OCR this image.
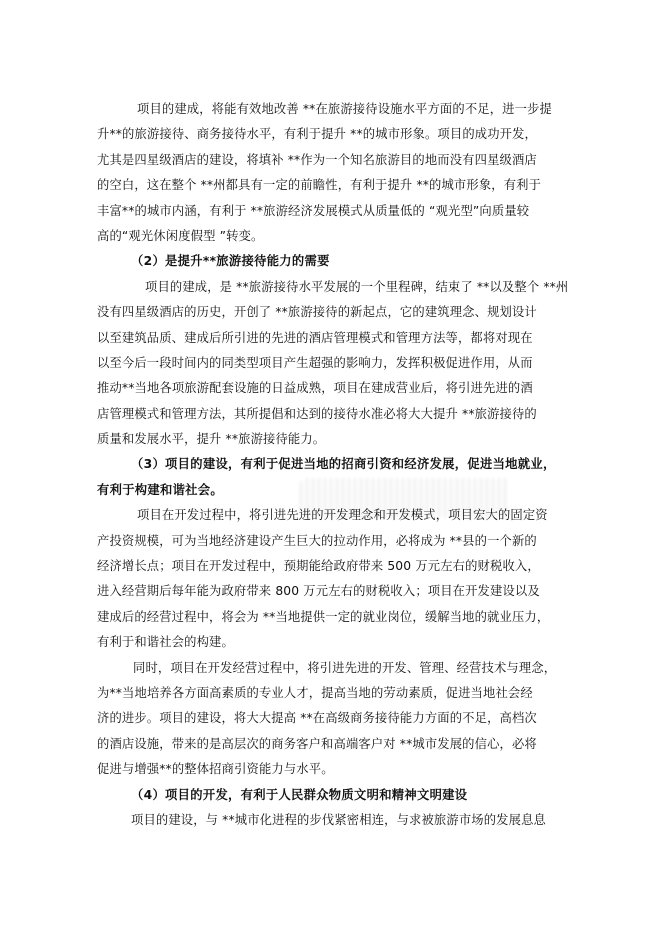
项目的建成，将能有效地改善 **在旅游接待设施水平方面的不足，进一步提
升**的旅游接待、商务接待水平，有利于提升 **的城市形象。项目的成功开发，
尤其是四星级酒店的建设，将填补 **作为一个知名旅游目的地而没有四星级酒店
的空白，这在整个 **州都具有一定的前瞻性，有利于提升 **的城市形象，有利于
丰富**的城市内涵，有利于 **旅游经济发展模式从质量低的 “观光型”向质量较
高的“观光休闲度假型 ”转变。
（2）是提升**旅游接待能力的需要
项目的建成，是 **旅游接待水平发展的一个里程碑，结束了 **以及整个 **州
没有四星级酒店的历史，开创了 **旅游接待的新起点，它的建筑理念、规划设计
以至建筑品质、建成后所引进的先进的酒店管理模式和管理方法等，都将对现在
以至今后一段时间内的同类型项目产生超强的影响力，发挥积极促进作用，从而
推动**当地各项旅游配套设施的日益成熟，项目在建成营业后，将引进先进的酒
店管理模式和管理方法，其所提倡和达到的接待水准必将大大提升 **旅游接待的
质量和发展水平，提升 **旅游接待能力。
（3）项目的建设，有利于促进当地的招商引资和经济发展，促进当地就业，
有利于构建和谐社会。
项目在开发过程中，将引进先进的开发理念和开发模式，项目宏大的固定资
产投资规模，可为当地经济建设产生巨大的拉动作用，必将成为 **县的一个新的
经济增长点；项目在开发过程中，预期能给政府带来 500 万元左右的财税收入，
进入经营期后每年能为政府带来 800 万元左右的财税收入；项目在开发建设以及
建成后的经营过程中，将会为 **当地提供一定的就业岗位，缓解当地的就业压力，
有利于和谐社会的构建。
同时，项目在开发经营过程中，将引进先进的开发、管理、经营技术与理念，
为**当地培养各方面高素质的专业人才，提高当地的劳动素质，促进当地社会经
济的进步。项目的建设，将大大提高 **在高级商务接待能力方面的不足，高档次
的酒店设施，带来的是高层次的商务客户和高端客户对 **城市发展的信心，必将
促进与增强**的整体招商引资能力与水平。
（4）项目的开发，有利于人民群众物质文明和精神文明建设
项目的建设，与 **城市化进程的步伐紧密相连，与求被旅游市场的发展息息
